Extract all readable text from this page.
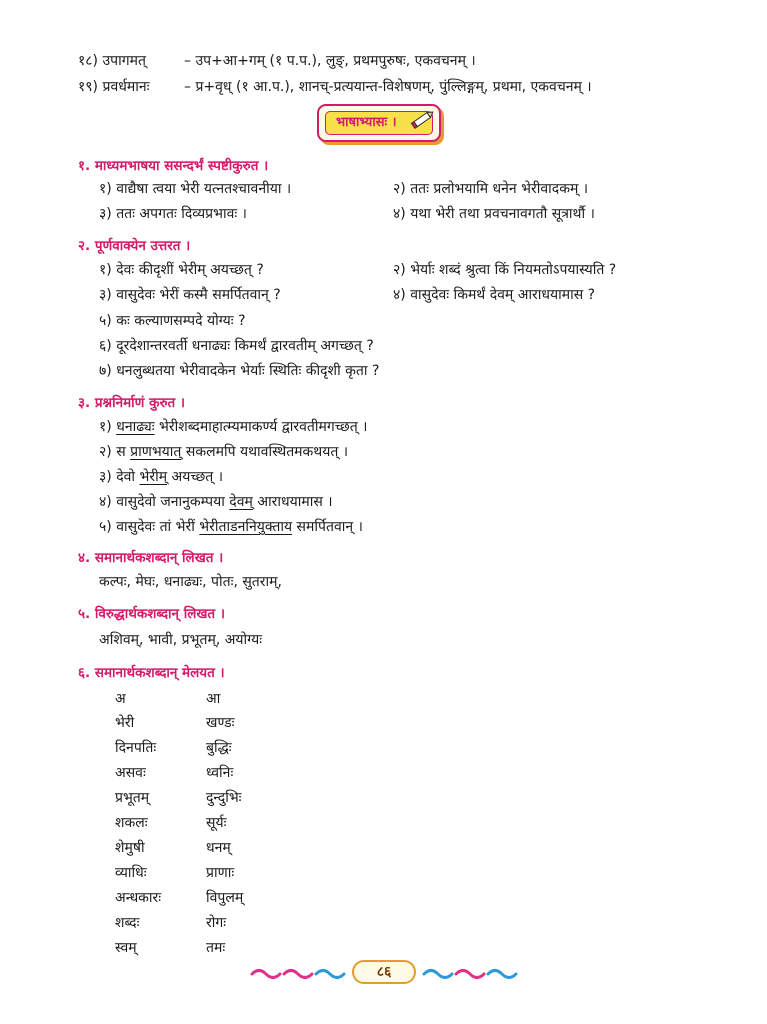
१८) उपागमत्	– उप+आ+गम् (१ प.प.), लुङ्, प्रथमपुरुषः, एकवचनम् ।
१९) प्रवर्धमानः – प्र+वृध् (१ आ.प.), शानच्-प्रत्ययान्त-विशेषणम्, पुंल्लिङ्गम्, प्रथमा, एकवचनम् ।
भाषाभ्यासः ।
१. माध्यमभाषया ससन्दर्भं स्पष्टीकुरुत ।
१) वाद्यैषा त्वया भेरी यत्नतश्चावनीया ।	२) ततः प्रलोभयामि धनेन भेरीवादकम् ।
३) ततः अपगतः दिव्यप्रभावः ।	४) यथा भेरी तथा प्रवचनावगतौ सूत्रार्थौ ।
२. पूर्णवाक्येन उत्तरत ।
१) देवः कीदृशीं भेरीम् अयच्छत् ?	२) भेर्याः शब्दं श्रुत्वा किं नियमतोऽपयास्यति ?
३) वासुदेवः भेरीं कस्मै समर्पितवान् ?	४) वासुदेवः किमर्थं देवम् आराधयामास ?
५) कः कल्याणसम्पदे योग्यः ?
६) दूरदेशान्तरवर्ती धनाढ्यः किमर्थं द्वारवतीम् अगच्छत् ?
७) धनलुब्धतया भेरीवादकेन भेर्याः स्थितिः कीदृशी कृता ?
३. प्रश्ननिर्माणं कुरुत ।
१) धनाढ्यः भेरीशब्दमाहात्म्यमाकर्ण्य द्वारवतीमगच्छत् ।
२) स प्राणभयात् सकलमपि यथावस्थितमकथयत् ।
३) देवो भेरीम् अयच्छत् ।
४) वासुदेवो जनानुकम्पया देवम् आराधयामास ।
५) वासुदेवः तां भेरीं भेरीताडननियुक्ताय समर्पितवान् ।
४. समानार्थकशब्दान् लिखत ।
कल्पः, मेघः, धनाढ्यः, पोतः, सुतराम्,
५. विरुद्धार्थकशब्दान् लिखत ।
अशिवम्, भावी, प्रभूतम्, अयोग्यः
६. समानार्थकशब्दान् मेलयत ।
अ	आ
भेरी	खण्डः
दिनपतिः	बुद्धिः
असवः	ध्वनिः
प्रभूतम्	दुन्दुभिः
शकलः	सूर्यः
शेमुषी	धनम्
व्याधिः	प्राणाः
अन्धकारः	विपुलम्
शब्दः	रोगः
स्वम्	तमः
८६
